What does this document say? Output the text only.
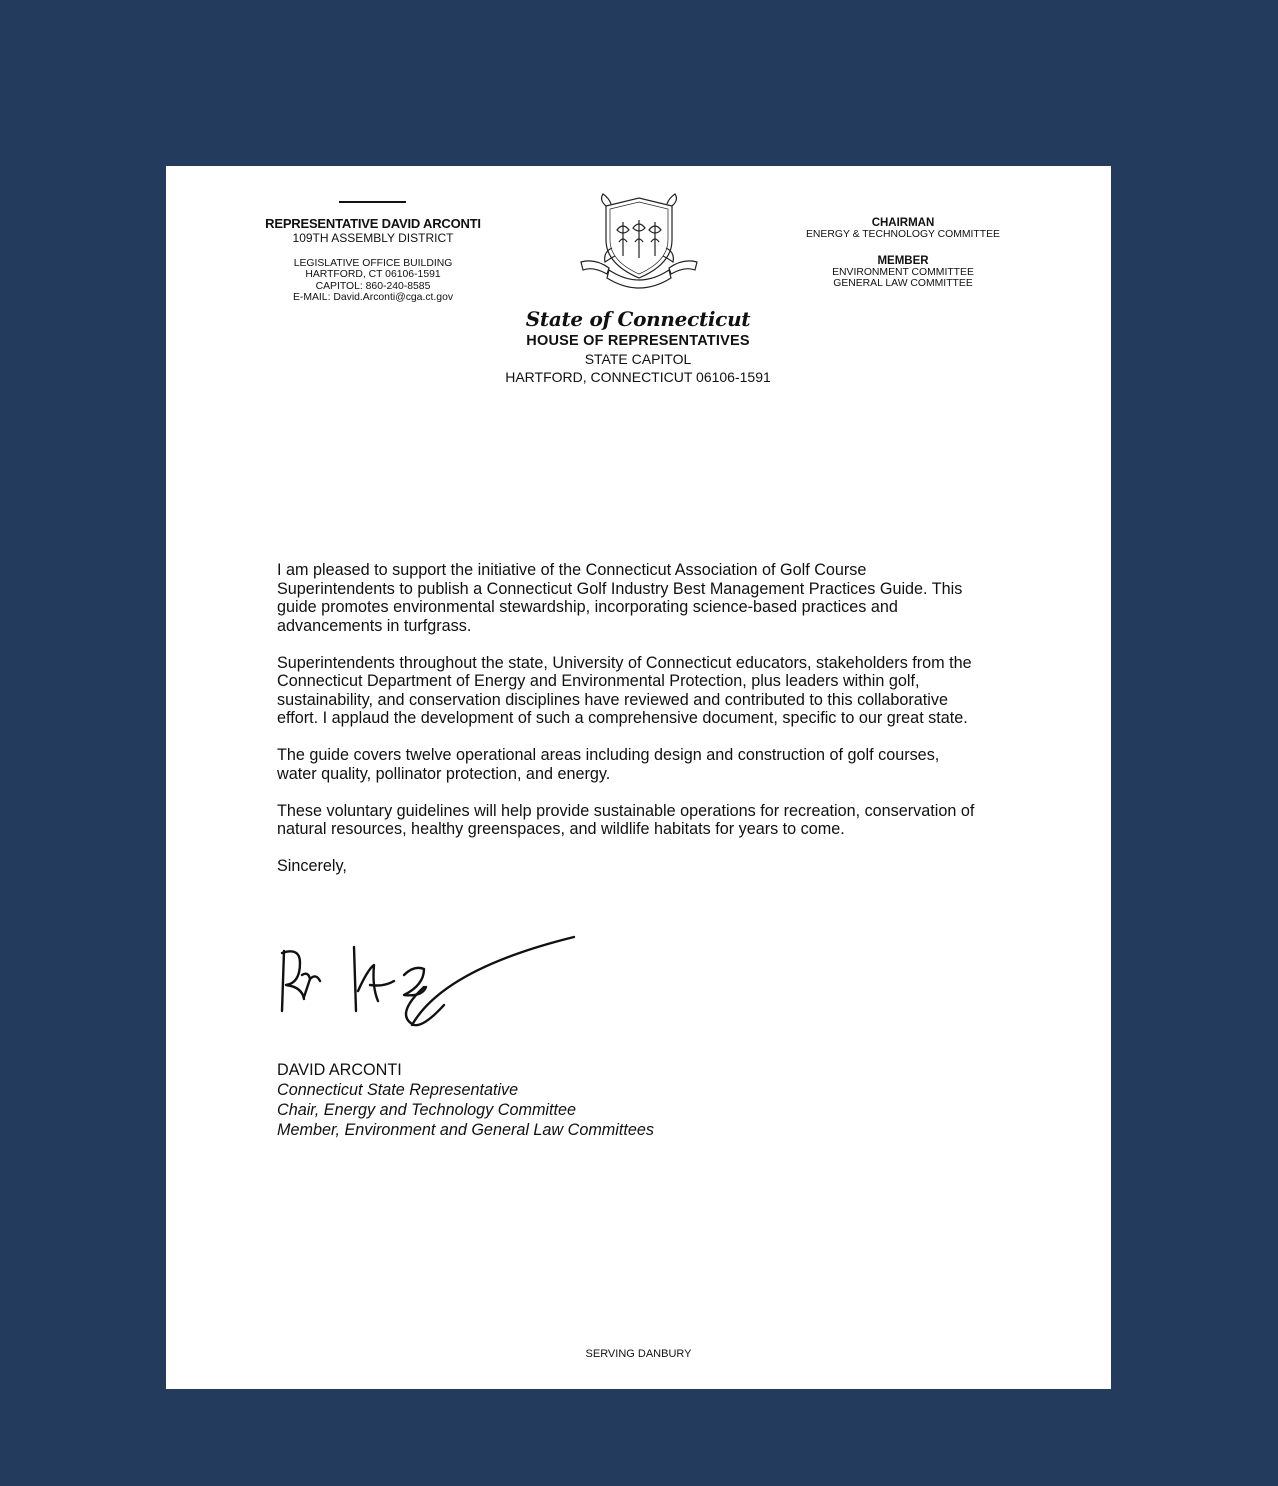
REPRESENTATIVE DAVID ARCONTI
109TH ASSEMBLY DISTRICT
LEGISLATIVE OFFICE BUILDING
HARTFORD, CT 06106-1591
CAPITOL: 860-240-8585
E-MAIL: David.Arconti@cga.ct.gov
CHAIRMAN
ENERGY & TECHNOLOGY COMMITTEE
MEMBER
ENVIRONMENT COMMITTEE
GENERAL LAW COMMITTEE
State of Connecticut
HOUSE OF REPRESENTATIVES
STATE CAPITOL
HARTFORD, CONNECTICUT 06106-1591

I am pleased to support the initiative of the Connecticut Association of Golf Course Superintendents to publish a Connecticut Golf Industry Best Management Practices Guide. This guide promotes environmental stewardship, incorporating science-based practices and advancements in turfgrass.

Superintendents throughout the state, University of Connecticut educators, stakeholders from the Connecticut Department of Energy and Environmental Protection, plus leaders within golf, sustainability, and conservation disciplines have reviewed and contributed to this collaborative effort. I applaud the development of such a comprehensive document, specific to our great state.

The guide covers twelve operational areas including design and construction of golf courses, water quality, pollinator protection, and energy.

These voluntary guidelines will help provide sustainable operations for recreation, conservation of natural resources, healthy greenspaces, and wildlife habitats for years to come.

Sincerely,

DAVID ARCONTI
Connecticut State Representative
Chair, Energy and Technology Committee
Member, Environment and General Law Committees
SERVING DANBURY
